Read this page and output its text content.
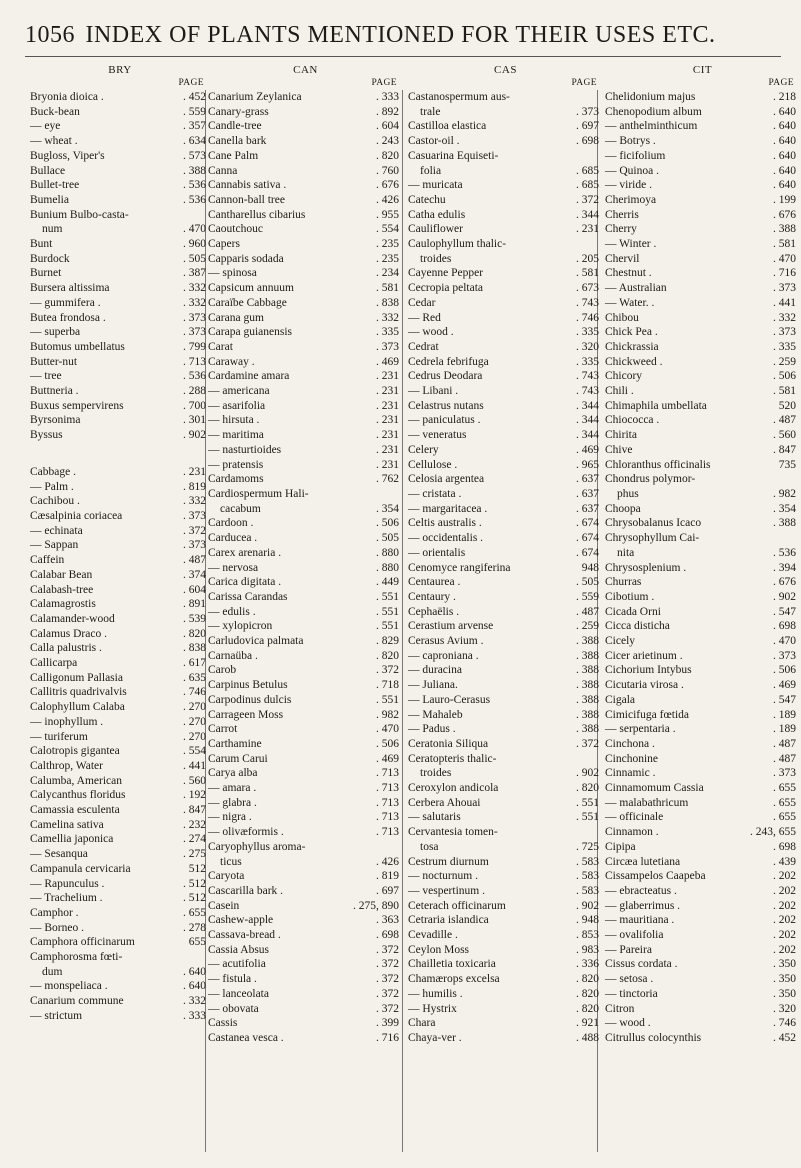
1056 INDEX OF PLANTS MENTIONED FOR THEIR USES ETC.
BRY
PAGE
Bryonia dioica .	. 452
Buck-bean	. 559
— eye	. 357
— wheat .	. 634
Bugloss, Viper's	. 573
Bullace	. 388
Bullet-tree	. 536
Bumelia	. 536
Bunium Bulbo-casta-
num	. 470
Bunt	. 960
Burdock	. 505
Burnet	. 387
Bursera altissima	. 332
— gummifera .	. 332
Butea frondosa .	. 373
— superba	. 373
Butomus umbellatus	. 799
Butter-nut	. 713
— tree	. 536
Buttneria .	. 288
Buxus sempervirens	. 700
Byrsonima	. 301
Byssus	. 902
Cabbage .	. 231
— Palm .	. 819
Cachibou .	. 332
Cæsalpinia coriacea	. 373
— echinata	. 372
— Sappan	. 373
Caffein	. 487
Calabar Bean	. 374
Calabash-tree	. 604
Calamagrostis	. 891
Calamander-wood	. 539
Calamus Draco .	. 820
Calla palustris .	. 838
Callicarpa	. 617
Calligonum Pallasia	. 635
Callitris quadrivalvis	. 746
Calophyllum Calaba	. 270
— inophyllum .	. 270
— turiferum	. 270
Calotropis gigantea	. 554
Calthrop, Water	. 441
Calumba, American	. 560
Calycanthus floridus	. 192
Camassia esculenta	. 847
Camelina sativa	. 232
Camellia japonica	. 274
— Sesanqua	. 275
Campanula cervicaria	512
— Rapunculus .	. 512
— Trachelium .	. 512
Camphor .	. 655
— Borneo .	. 278
Camphora officinarum	655
Camphorosma fœti-
dum	. 640
— monspeliaca .	. 640
Canarium commune	. 332
— strictum	. 333
CAN
PAGE
Canarium Zeylanica	. 333
Canary-grass	. 892
Candle-tree	. 604
Canella bark	. 243
Cane Palm	. 820
Canna	. 760
Cannabis sativa .	. 676
Cannon-ball tree	. 426
Cantharellus cibarius	. 955
Caoutchouc	. 554
Capers	. 235
Capparis sodada	. 235
— spinosa	. 234
Capsicum annuum	. 581
Caraïbe Cabbage	. 838
Carana gum	. 332
Carapa guianensis	. 335
Carat	. 373
Caraway .	. 469
Cardamine amara	. 231
— americana	. 231
— asarifolia	. 231
— hirsuta .	. 231
— maritima	. 231
— nasturtioides	. 231
— pratensis	. 231
Cardamoms	. 762
Cardiospermum Hali-
cacabum	. 354
Cardoon .	. 506
Carducea .	. 505
Carex arenaria .	. 880
— nervosa	. 880
Carica digitata .	. 449
Carissa Carandas	. 551
— edulis .	. 551
— xylopicron	. 551
Carludovica palmata	. 829
Carnaüba .	. 820
Carob	. 372
Carpinus Betulus	. 718
Carpodinus dulcis	. 551
Carrageen Moss	. 982
Carrot	. 470
Carthamine	. 506
Carum Carui	. 469
Carya alba	. 713
— amara .	. 713
— glabra .	. 713
— nigra .	. 713
— olivæformis .	. 713
Caryophyllus aroma-
ticus	. 426
Caryota	. 819
Cascarilla bark .	. 697
Casein	. 275, 890
Cashew-apple	. 363
Cassava-bread .	. 698
Cassia Absus	. 372
— acutifolia	. 372
— fistula .	. 372
— lanceolata	. 372
— obovata	. 372
Cassis	. 399
Castanea vesca .	. 716
CAS
PAGE
Castanospermum aus-
trale	. 373
Castilloa elastica	. 697
Castor-oil .	. 698
Casuarina Equiseti-
folia	. 685
— muricata	. 685
Catechu	. 372
Catha edulis	. 344
Cauliflower	. 231
Caulophyllum thalic-
troides	. 205
Cayenne Pepper	. 581
Cecropia peltata	. 673
Cedar	. 743
— Red	. 746
— wood .	. 335
Cedrat	. 320
Cedrela febrifuga	. 335
Cedrus Deodara	. 743
— Libani .	. 743
Celastrus nutans	. 344
— paniculatus .	. 344
— veneratus	. 344
Celery	. 469
Cellulose .	. 965
Celosia argentea	. 637
— cristata .	. 637
— margaritacea .	. 637
Celtis australis .	. 674
— occidentalis .	. 674
— orientalis	. 674
Cenomyce rangiferina	948
Centaurea .	. 505
Centaury .	. 559
Cephaëlis .	. 487
Cerastium arvense	. 259
Cerasus Avium .	. 388
— caproniana .	. 388
— duracina	. 388
— Juliana.	. 388
— Lauro-Cerasus	. 388
— Mahaleb	. 388
— Padus .	. 388
Ceratonia Siliqua	. 372
Ceratopteris thalic-
troides	. 902
Ceroxylon andicola	. 820
Cerbera Ahouai	. 551
— salutaris	. 551
Cervantesia tomen-
tosa	. 725
Cestrum diurnum	. 583
— nocturnum .	. 583
— vespertinum .	. 583
Ceterach officinarum	. 902
Cetraria islandica	. 948
Cevadille .	. 853
Ceylon Moss	. 983
Chailletia toxicaria	. 336
Chamærops excelsa	. 820
— humilis .	. 820
— Hystrix	. 820
Chara	. 921
Chaya-ver .	. 488
CIT
PAGE
Chelidonium majus	. 218
Chenopodium album	. 640
— anthelminthicum	. 640
— Botrys .	. 640
— ficifolium	. 640
— Quinoa .	. 640
— viride .	. 640
Cherimoya	. 199
Cherris	. 676
Cherry	. 388
— Winter .	. 581
Chervil	. 470
Chestnut .	. 716
— Australian	. 373
— Water. .	. 441
Chibou	. 332
Chick Pea .	. 373
Chickrassia	. 335
Chickweed .	. 259
Chicory	. 506
Chili .	. 581
Chimaphila umbellata	520
Chiococca .	. 487
Chirita	. 560
Chive	. 847
Chloranthus officinalis	735
Chondrus polymor-
phus	. 982
Choopa	. 354
Chrysobalanus Icaco	. 388
Chrysophyllum Cai-
nita	. 536
Chrysosplenium .	. 394
Churras	. 676
Cibotium .	. 902
Cicada Orni	. 547
Cicca disticha	. 698
Cicely	. 470
Cicer arietinum .	. 373
Cichorium Intybus	. 506
Cicutaria virosa .	. 469
Cigala	. 547
Cimicifuga fœtida	. 189
— serpentaria .	. 189
Cinchona .	. 487
Cinchonine	. 487
Cinnamic .	. 373
Cinnamomum Cassia	. 655
— malabathricum	. 655
— officinale	. 655
Cinnamon .	. 243, 655
Cipipa	. 698
Circæa lutetiana	. 439
Cissampelos Caapeba	. 202
— ebracteatus .	. 202
— glaberrimus .	. 202
— mauritiana .	. 202
— ovalifolia	. 202
— Pareira	. 202
Cissus cordata .	. 350
— setosa .	. 350
— tinctoria	. 350
Citron	. 320
— wood .	. 746
Citrullus colocynthis	. 452
